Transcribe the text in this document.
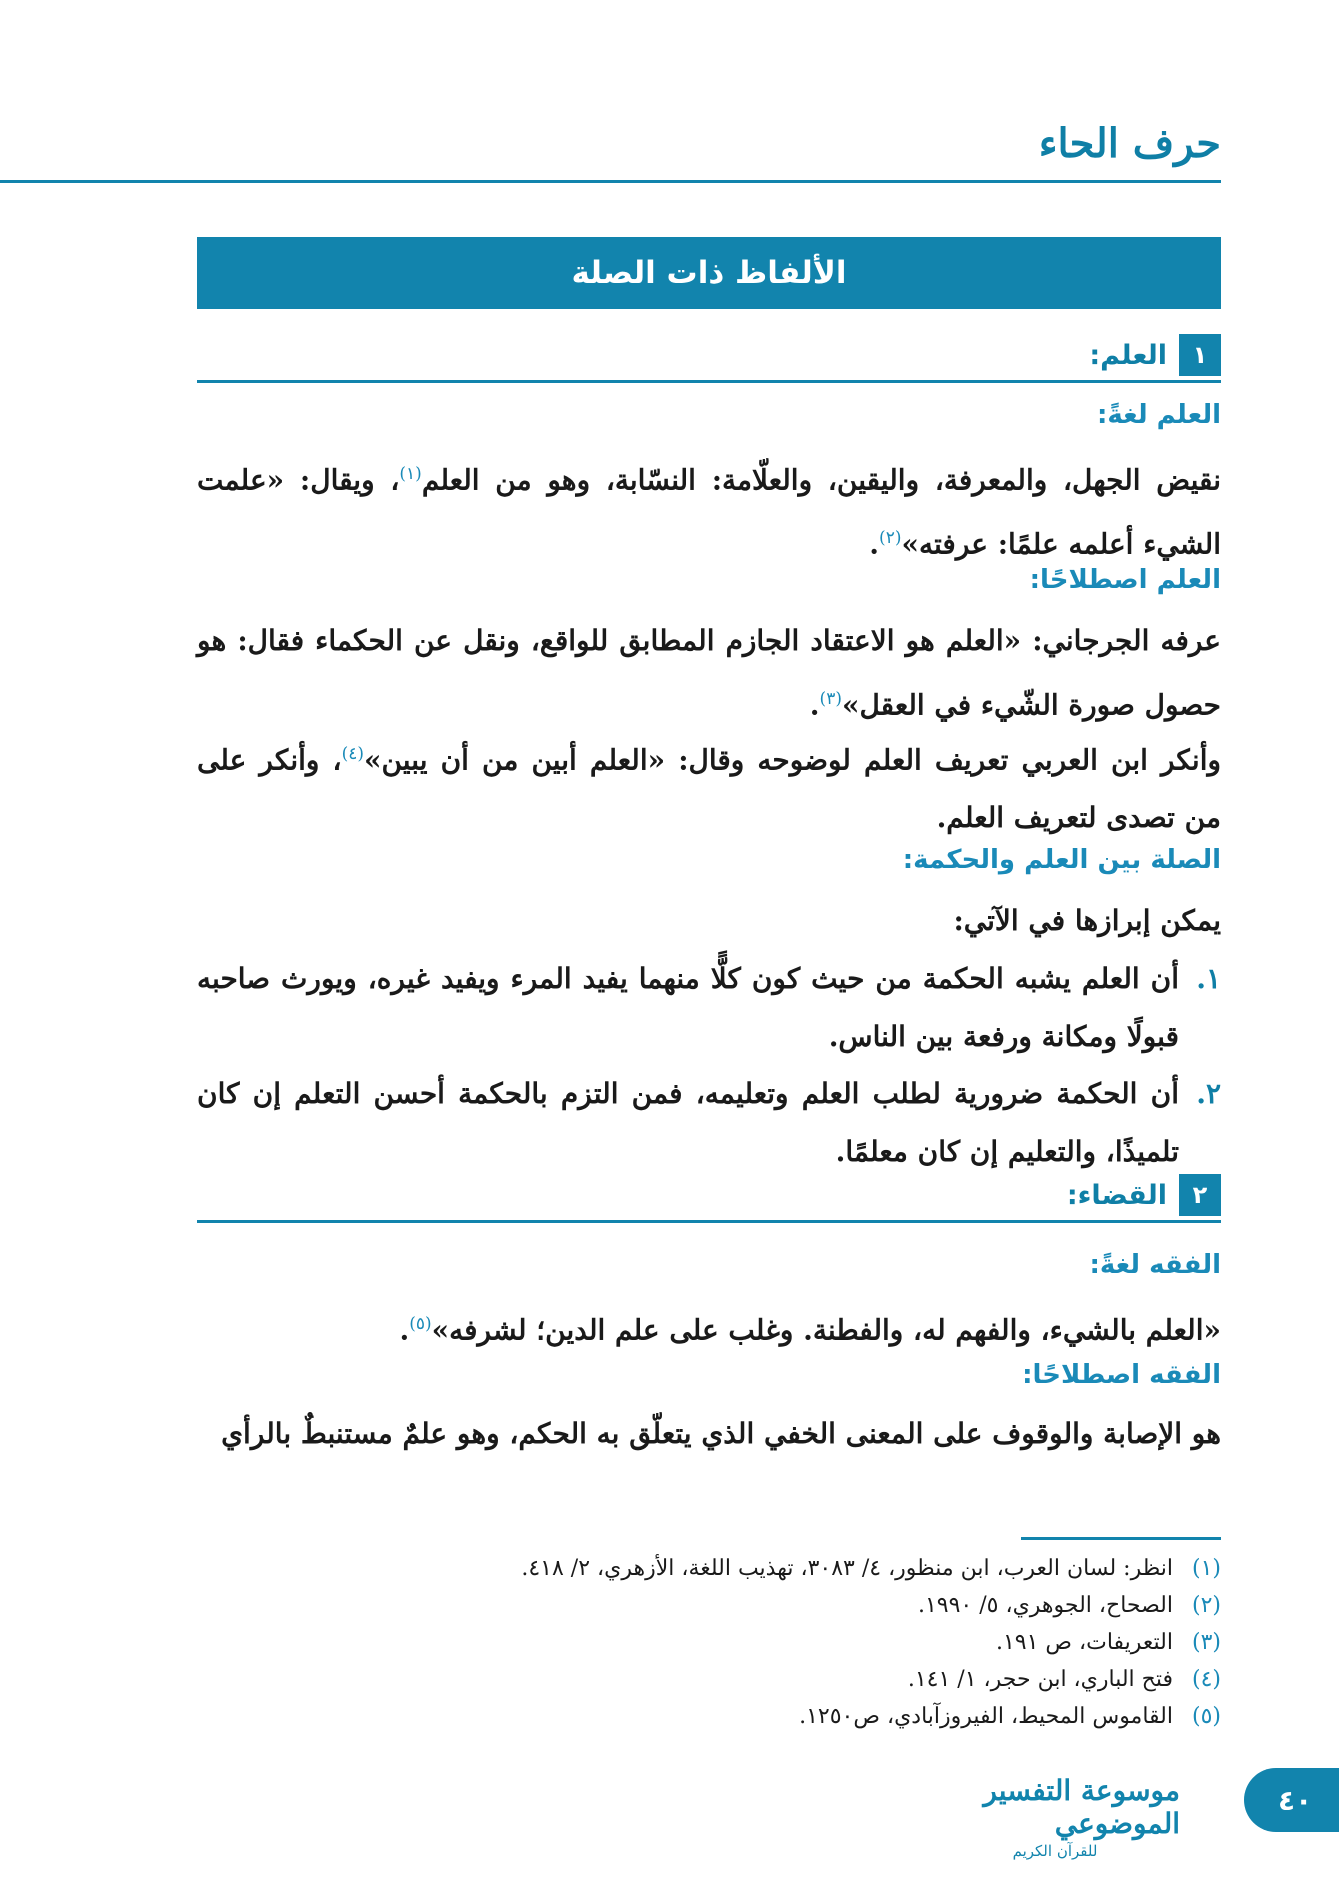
حرف الحاء
الألفاظ ذات الصلة
١
العلم:
العلم لغةً:
نقيض الجهل، والمعرفة، واليقين، والعلّامة: النسّابة، وهو من العلم$^{(١)}$، ويقال: «علمت الشيء أعلمه علمًا: عرفته»$^{(٢)}$.
العلم اصطلاحًا:
عرفه الجرجاني: «العلم هو الاعتقاد الجازم المطابق للواقع، ونقل عن الحكماء فقال: هو حصول صورة الشّيء في العقل»$^{(٣)}$.
وأنكر ابن العربي تعريف العلم لوضوحه وقال: «العلم أبين من أن يبين»$^{(٤)}$، وأنكر على من تصدى لتعريف العلم.
الصلة بين العلم والحكمة:
يمكن إبرازها في الآتي:
١.
أن العلم يشبه الحكمة من حيث كون كلًّا منهما يفيد المرء ويفيد غيره، ويورث صاحبه قبولًا ومكانة ورفعة بين الناس.
٢.
أن الحكمة ضرورية لطلب العلم وتعليمه، فمن التزم بالحكمة أحسن التعلم إن كان تلميذًا، والتعليم إن كان معلمًا.
٢
القضاء:
الفقه لغةً:
«العلم بالشيء، والفهم له، والفطنة. وغلب على علم الدين؛ لشرفه»$^{(٥)}$.
الفقه اصطلاحًا:
هو الإصابة والوقوف على المعنى الخفي الذي يتعلّق به الحكم، وهو علمٌ مستنبطٌ بالرأي
(١)انظر: لسان العرب، ابن منظور، ٤/ ٣٠٨٣، تهذيب اللغة، الأزهري، ٢/ ٤١٨.
(٢)الصحاح، الجوهري، ٥/ ١٩٩٠.
(٣)التعريفات، ص ١٩١.
(٤)فتح الباري، ابن حجر، ١/ ١٤١.
(٥)القاموس المحيط، الفيروزآبادي، ص١٢٥٠.
موسوعة التفسير الموضوعي
للقرآن الكريم
٤٠
